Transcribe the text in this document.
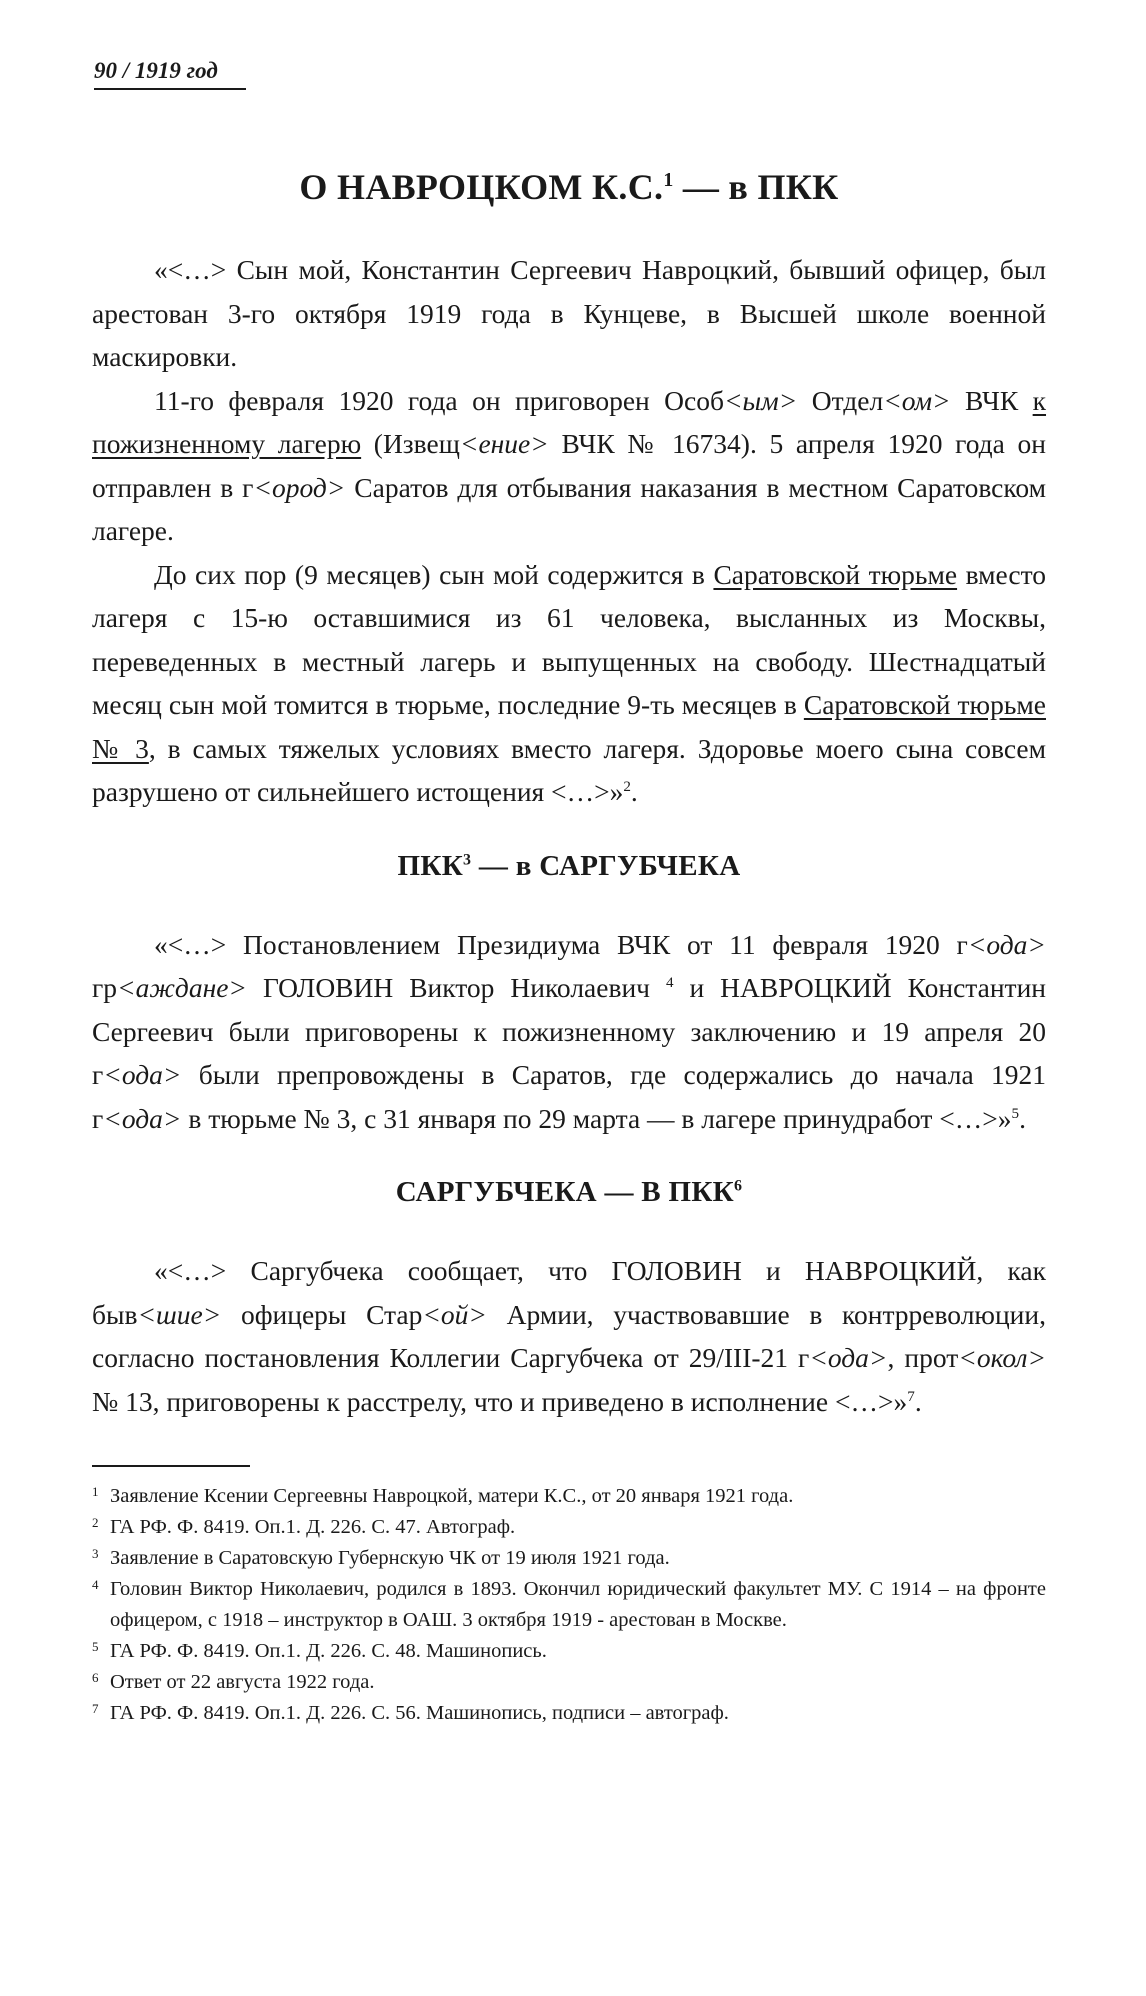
90 / 1919 год
О НАВРОЦКОМ К.С.$^1$ — в ПКК

«<…> Сын мой, Константин Сергеевич Навроцкий, бывший офицер, был арестован 3-го октября 1919 года в Кунцеве, в Высшей школе военной маскировки.

11-го февраля 1920 года он приговорен Особ<ым> Отдел<ом> ВЧК к пожизненному лагерю (Извещ<ение> ВЧК № 16734). 5 апреля 1920 года он отправлен в г<ород> Саратов для отбывания наказания в местном Саратовском лагере.

До сих пор (9 месяцев) сын мой содержится в Саратовской тюрьме вместо лагеря с 15-ю оставшимися из 61 человека, высланных из Москвы, переведенных в местный лагерь и выпущенных на свободу. Шестнадцатый месяц сын мой томится в тюрьме, последние 9-ть месяцев в Саратовской тюрьме № 3, в самых тяжелых условиях вместо лагеря. Здоровье моего сына совсем разрушено от сильнейшего истощения <…>»$^2$.

ПКК$^3$ — в САРГУБЧЕКА

«<…> Постановлением Президиума ВЧК от 11 февраля 1920 г<ода> гр<аждане> ГОЛОВИН Виктор Николаевич $^4$ и НАВРОЦКИЙ Константин Сергеевич были приговорены к пожизненному заключению и 19 апреля 20 г<ода> были препровождены в Саратов, где содержались до начала 1921 г<ода> в тюрьме № 3, с 31 января по 29 марта — в лагере принудработ <…>»$^5$.

САРГУБЧЕКА — В ПКК$^6$

«<…> Саргубчека сообщает, что ГОЛОВИН и НАВРОЦКИЙ, как быв<шие> офицеры Стар<ой> Армии, участвовавшие в контрреволюции, согласно постановления Коллегии Саргубчека от 29/III-21 г<ода>, прот<окол> № 13, приговорены к расстрелу, что и приведено в исполнение <…>»$^7$.

1 Заявление Ксении Сергеевны Навроцкой, матери К.С., от 20 января 1921 года.

2 ГА РФ. Ф. 8419. Оп.1. Д. 226. С. 47. Автограф.

3 Заявление в Саратовскую Губернскую ЧК от 19 июля 1921 года.

4 Головин Виктор Николаевич, родился в 1893. Окончил юридический факультет МУ. С 1914 – на фронте офицером, с 1918 – инструктор в ОАШ. 3 октября 1919 - арестован в Москве.

5 ГА РФ. Ф. 8419. Оп.1. Д. 226. С. 48. Машинопись.

6 Ответ от 22 августа 1922 года.

7 ГА РФ. Ф. 8419. Оп.1. Д. 226. С. 56. Машинопись, подписи – автограф.
